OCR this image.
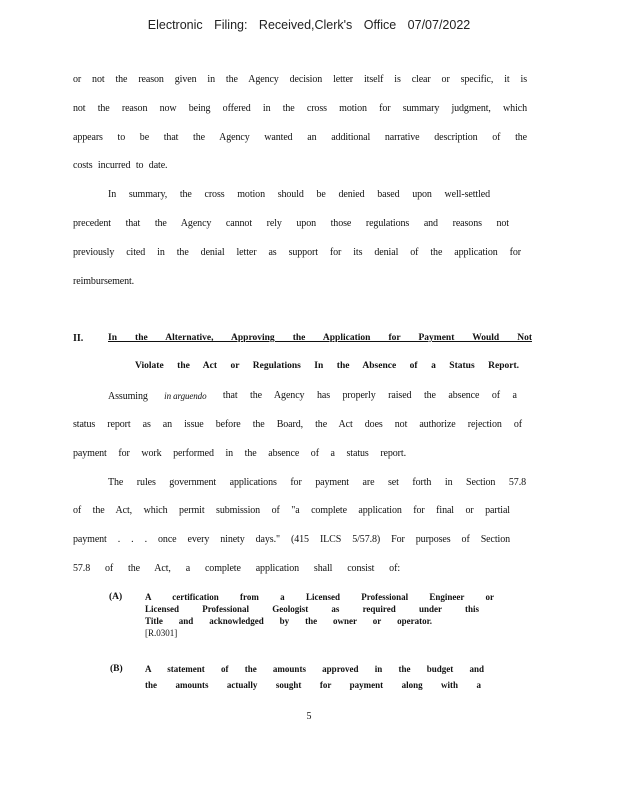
Electronic Filing: Received,Clerk's Office 07/07/2022
or not the reason given in the Agency decision letter itself is clear or specific, it is
not the reason now being offered in the cross motion for summary judgment, which
appears to be that the Agency wanted an additional narrative description of the
costs incurred to date.
In summary, the cross motion should be denied based upon well-settled
precedent that the Agency cannot rely upon those regulations and reasons not
previously cited in the denial letter as support for its denial of the application for
reimbursement.
II.	In the Alternative, Approving the Application for Payment Would Not
Violate the Act or Regulations In the Absence of a Status Report.
Assuming in arguendo that the Agency has properly raised the absence of a
status report as an issue before the Board, the Act does not authorize rejection of
payment for work performed in the absence of a status report.
The rules government applications for payment are set forth in Section 57.8
of the Act, which permit submission of "a complete application for final or partial
payment . . . once every ninety days." (415 ILCS 5/57.8) For purposes of Section
57.8 of the Act, a complete application shall consist of:
(A)	A certification from a Licensed Professional Engineer or
Licensed Professional Geologist as required under this
Title and acknowledged by the owner or operator.
[R.0301]
(B) A statement of the amounts approved in the budget and
the amounts actually sought for payment along with a
5
